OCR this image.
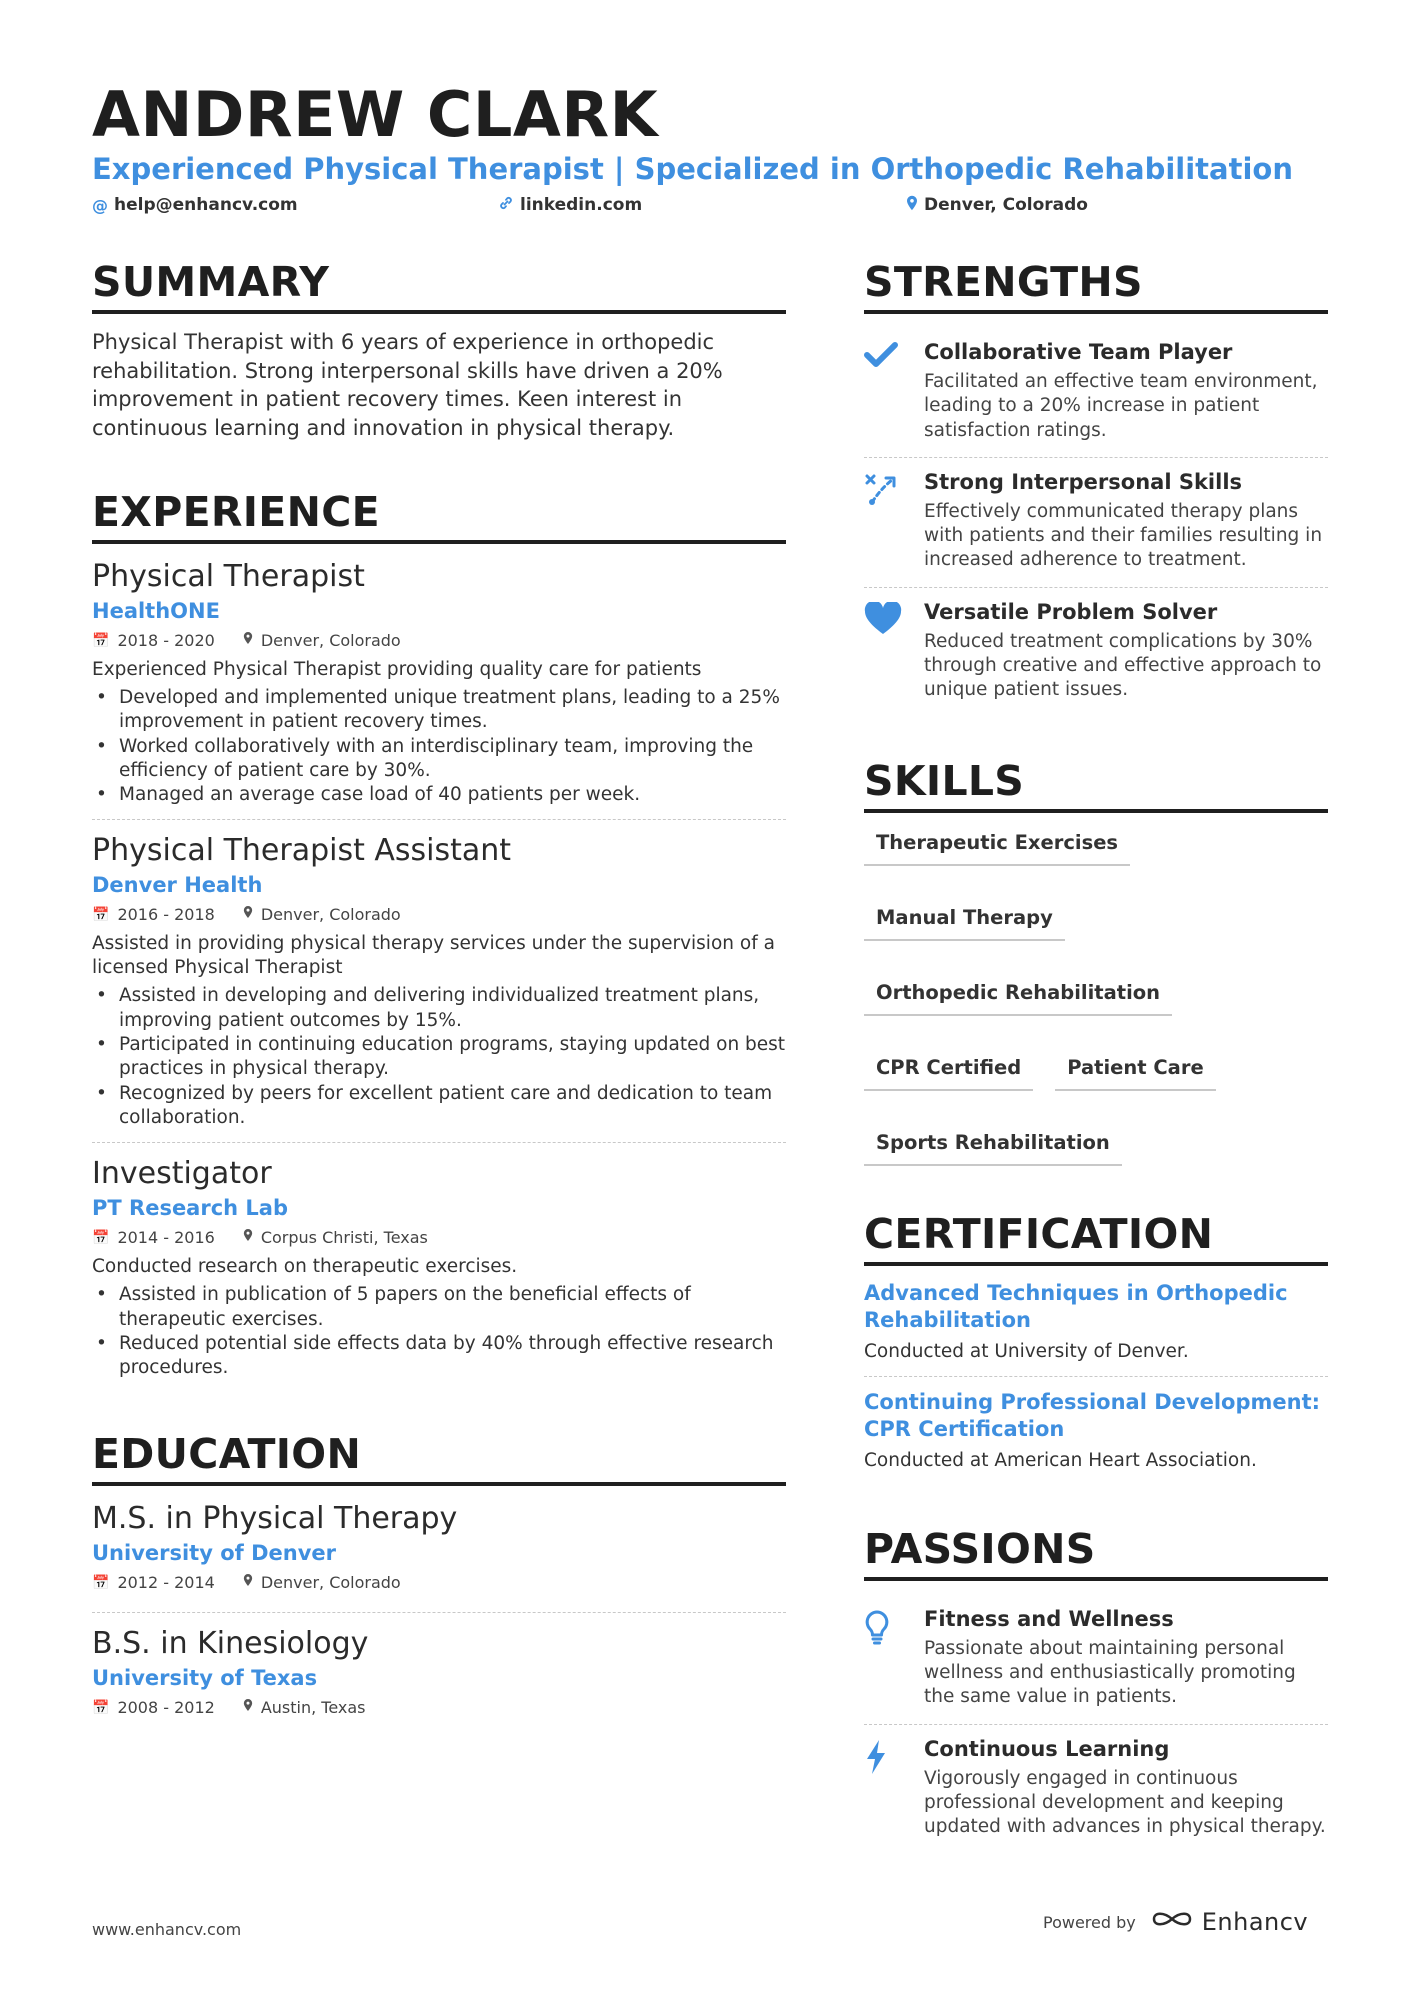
ANDREW CLARK
Experienced Physical Therapist | Specialized in Orthopedic Rehabilitation
@ help@enhancv.com	linkedin.com	Denver, Colorado
SUMMARY

Physical Therapist with 6 years of experience in orthopedic rehabilitation. Strong interpersonal skills have driven a 20% improvement in patient recovery times. Keen interest in continuous learning and innovation in physical therapy.

EXPERIENCE
Physical Therapist
HealthONE
📅 2018 - 2020	Denver, Colorado
Experienced Physical Therapist providing quality care for patients
• Developed and implemented unique treatment plans, leading to a 25% improvement in patient recovery times.
• Worked collaboratively with an interdisciplinary team, improving the efficiency of patient care by 30%.
• Managed an average case load of 40 patients per week.
Physical Therapist Assistant
Denver Health
📅 2016 - 2018	Denver, Colorado
Assisted in providing physical therapy services under the supervision of a licensed Physical Therapist
• Assisted in developing and delivering individualized treatment plans, improving patient outcomes by 15%.
• Participated in continuing education programs, staying updated on best practices in physical therapy.
• Recognized by peers for excellent patient care and dedication to team collaboration.
Investigator
PT Research Lab
📅 2014 - 2016	Corpus Christi, Texas
Conducted research on therapeutic exercises.
• Assisted in publication of 5 papers on the beneficial effects of therapeutic exercises.
• Reduced potential side effects data by 40% through effective research procedures.
EDUCATION
M.S. in Physical Therapy
University of Denver
📅 2012 - 2014	Denver, Colorado
B.S. in Kinesiology
University of Texas
📅 2008 - 2012	Austin, Texas
STRENGTHS
Collaborative Team Player
Facilitated an effective team environment, leading to a 20% increase in patient satisfaction ratings.
Strong Interpersonal Skills
Effectively communicated therapy plans with patients and their families resulting in increased adherence to treatment.
Versatile Problem Solver
Reduced treatment complications by 30% through creative and effective approach to unique patient issues.
SKILLS
Therapeutic Exercises
Manual Therapy
Orthopedic Rehabilitation
CPR Certified	Patient Care
Sports Rehabilitation
CERTIFICATION
Advanced Techniques in Orthopedic Rehabilitation
Conducted at University of Denver.
Continuing Professional Development: CPR Certification
Conducted at American Heart Association.
PASSIONS
Fitness and Wellness
Passionate about maintaining personal wellness and enthusiastically promoting the same value in patients.
Continuous Learning
Vigorously engaged in continuous professional development and keeping updated with advances in physical therapy.
www.enhancv.com	Powered by	Enhancv
